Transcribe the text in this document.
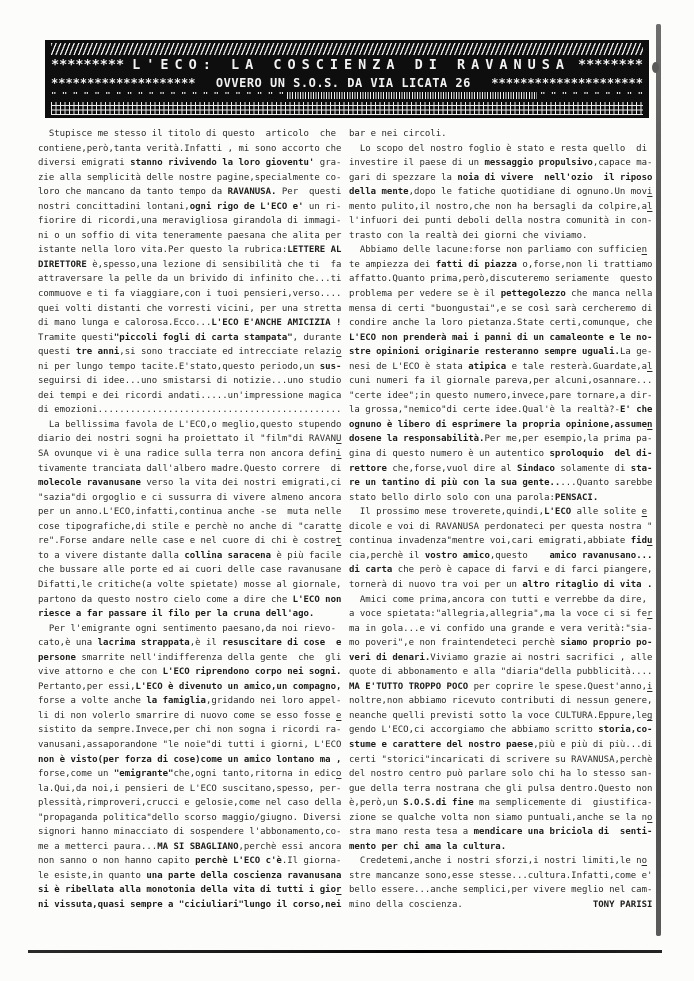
********* L'ECO: LA COSCIENZA DI RAVANUSA ********
******************** OVVERO UN S.O.S. DA VIA LICATA 26 *********************
" " " " " " " " " " " " " " " " " " " " " "	" " " " " " " " " "
Stupisce me stesso il titolo di questo  articolo  che
contiene,però,tanta verità.Infatti , mi sono accorto che
diversi emigrati stanno rivivendo la loro gioventu' gra-
zie alla semplicità delle nostre pagine,specialmente co-
loro che mancano da tanto tempo da RAVANUSA. Per  questi
nostri concittadini lontani,ogni rigo de L'ECO e' un ri-
fiorire di ricordi,una meravigliosa girandola di immagi-
ni o un soffio di vita teneramente paesana che alita per
istante nella loro vita.Per questo la rubrica:LETTERE AL
DIRETTORE è,spesso,una lezione di sensibilità che ti  fa
attraversare la pelle da un brivido di infinito che...ti
commuove e ti fa viaggiare,con i tuoi pensieri,verso....
quei volti distanti che vorresti vicini, per una stretta
di mano lunga e calorosa.Ecco...L'ECO E'ANCHE AMICIZIA !
Tramite questi"piccoli fogli di carta stampata", durante
questi tre anni,si sono tracciate ed intrecciate relazio
ni per lungo tempo tacite.E'stato,questo periodo,un sus-
seguirsi di idee...uno smistarsi di notizie...uno studio
dei tempi e dei ricordi andati.....un'impressione magica
di emozioni.............................................
La bellissima favola de L'ECO,o meglio,questo stupendo
diario dei nostri sogni ha proiettato il "film"di RAVANU
SA ovunque vi è una radice sulla terra non ancora defini
tivamente tranciata dall'albero madre.Questo correre  di
molecole ravanusane verso la vita dei nostri emigrati,ci
"sazia"di orgoglio e ci sussurra di vivere almeno ancora
per un anno.L'ECO,infatti,continua anche -se  muta nelle
cose tipografiche,di stile e perchè no anche di "caratte
re".Forse andare nelle case e nel cuore di chi è costret
to a vivere distante dalla collina saracena è più facile
che bussare alle porte ed ai cuori delle case ravanusane
Difatti,le critiche(a volte spietate) mosse al giornale,
partono da questo nostro cielo come a dire che L'ECO non
riesce a far passare il filo per la cruna dell'ago.
Per l'emigrante ogni sentimento paesano,da noi rievo-
cato,è una lacrima strappata,è il resuscitare di cose  e
persone smarrite nell'indifferenza della gente  che  gli
vive attorno e che con L'ECO riprendono corpo nei sogni.
Pertanto,per essi,L'ECO è divenuto un amico,un compagno,
forse a volte anche la famiglia,gridando nei loro appel-
li di non volerlo smarrire di nuovo come se esso fosse e
sistito da sempre.Invece,per chi non sogna i ricordi ra-
vanusani,assaporandone "le noie"di tutti i giorni, L'ECO
non è visto(per forza di cose)come un amico lontano ma ,
forse,come un "emigrante"che,ogni tanto,ritorna in edico
la.Qui,da noi,i pensieri de L'ECO suscitano,spesso, per-
plessità,rimproveri,crucci e gelosie,come nel caso della
"propaganda politica"dello scorso maggio/giugno. Diversi
signori hanno minacciato di sospendere l'abbonamento,co-
me a metterci paura...MA SI SBAGLIANO,perchè essi ancora
non sanno o non hanno capito perchè L'ECO c'è.Il giorna-
le esiste,in quanto una parte della coscienza ravanusana
si è ribellata alla monotonia della vita di tutti i gior
ni vissuta,quasi sempre a "ciciuliari"lungo il corso,nei
bar e nei circoli.
Lo scopo del nostro foglio è stato e resta quello  di
investire il paese di un messaggio propulsivo,capace ma-
gari di spezzare la noia di vivere  nell'ozio  il riposo
della mente,dopo le fatiche quotidiane di ognuno.Un movi
mento pulito,il nostro,che non ha bersagli da colpire,al
l'infuori dei punti deboli della nostra comunità in con-
trasto con la realtà dei giorni che viviamo.
Abbiamo delle lacune:forse non parliamo con sufficien
te ampiezza dei fatti di piazza o,forse,non li trattiamo
affatto.Quanto prima,però,discuteremo seriamente  questo
problema per vedere se è il pettegolezzo che manca nella
mensa di certi "buongustai",e se così sarà cercheremo di
condire anche la loro pietanza.State certi,comunque, che
L'ECO non prenderà mai i panni di un camaleonte e le no-
stre opinioni originarie resteranno sempre uguali.La ge-
nesi de L'ECO è stata atipica e tale resterà.Guardate,al
cuni numeri fa il giornale pareva,per alcuni,osannare...
"certe idee";in questo numero,invece,pare tornare,a dir-
la grossa,"nemico"di certe idee.Qual'è la realtà?-E' che
ognuno è libero di esprimere la propria opinione,assumen
dosene la responsabilità.Per me,per esempio,la prima pa-
gina di questo numero è un autentico sproloquio  del di-
rettore che,forse,vuol dire al Sindaco solamente di sta-
re un tantino di più con la sua gente.....Quanto sarebbe
stato bello dirlo solo con una parola:PENSACI.
Il prossimo mese troverete,quindi,L'ECO alle solite e
dicole e voi di RAVANUSA perdonateci per questa nostra "
continua invadenza"mentre voi,cari emigrati,abbiate fidu
cia,perchè il vostro amico,questo    amico ravanusano...
di carta che però è capace di farvi e di farci piangere,
tornerà di nuovo tra voi per un altro ritaglio di vita .
Amici come prima,ancora con tutti e verrebbe da dire,
a voce spietata:"allegria,allegria",ma la voce ci si fer
ma in gola...e vi confido una grande e vera verità:"sia-
mo poveri",e non fraintendeteci perchè siamo proprio po-
veri di denari.Viviamo grazie ai nostri sacrifici , alle
quote di abbonamento e alla "diaria"della pubblicità....
MA E'TUTTO TROPPO POCO per coprire le spese.Quest'anno,i
noltre,non abbiamo ricevuto contributi di nessun genere,
neanche quelli previsti sotto la voce CULTURA.Eppure,leg
gendo L'ECO,ci accorgiamo che abbiamo scritto storia,co-
stume e carattere del nostro paese,più e più di più...di
certi "storici"incaricati di scrivere su RAVANUSA,perchè
del nostro centro può parlare solo chi ha lo stesso san-
gue della terra nostrana che gli pulsa dentro.Questo non
è,però,un S.O.S.di fine ma semplicemente di  giustifica-
zione se qualche volta non siamo puntuali,anche se la no
stra mano resta tesa a mendicare una briciola di  senti-
mento per chi ama la cultura.
Credetemi,anche i nostri sforzi,i nostri limiti,le no
stre mancanze sono,esse stesse...cultura.Infatti,come e'
bello essere...anche semplici,per vivere meglio nel cam-
mino della coscienza.                        TONY PARISI
